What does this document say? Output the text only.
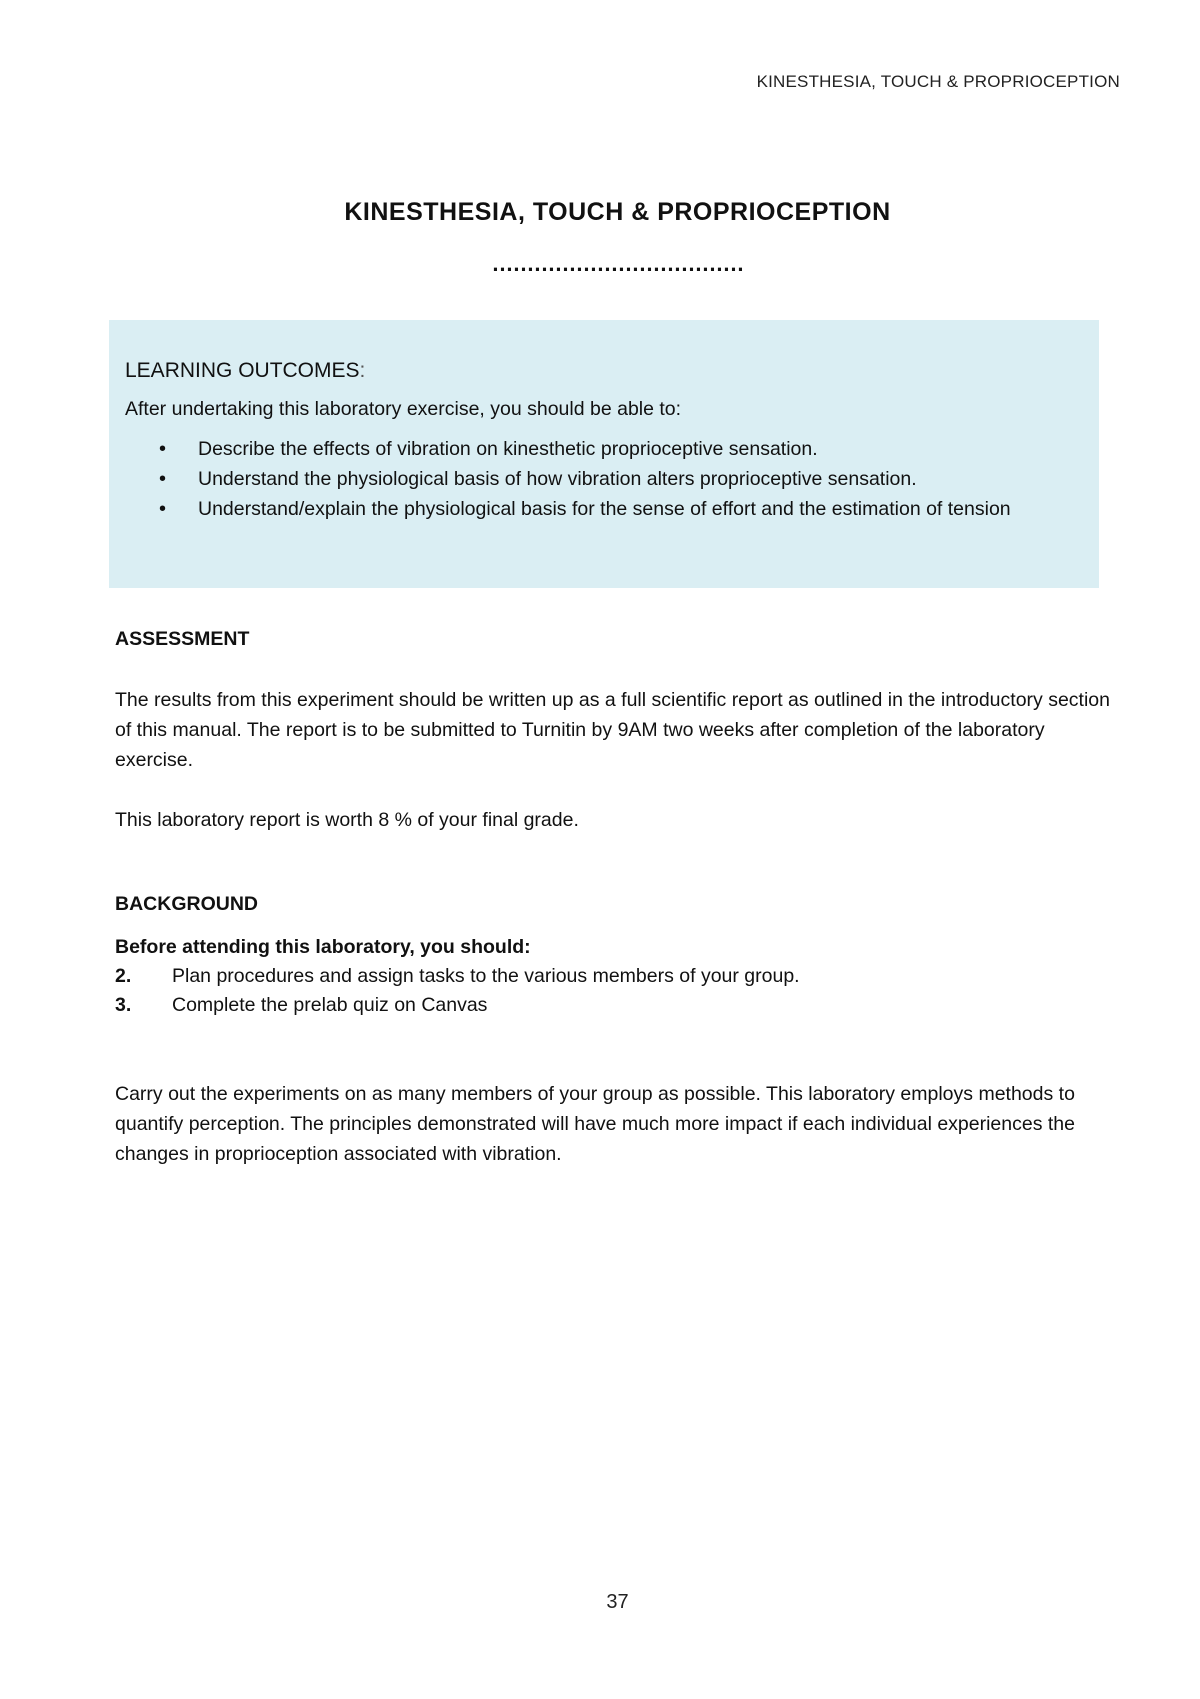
KINESTHESIA, TOUCH & PROPRIOCEPTION
KINESTHESIA, TOUCH & PROPRIOCEPTION
………………………………
LEARNING OUTCOMES:
After undertaking this laboratory exercise, you should be able to:
• Describe the effects of vibration on kinesthetic proprioceptive sensation.
• Understand the physiological basis of how vibration alters proprioceptive sensation.
• Understand/explain the physiological basis for the sense of effort and the estimation of tension
ASSESSMENT
The results from this experiment should be written up as a full scientific report as outlined in the introductory section of this manual. The report is to be submitted to Turnitin by 9AM two weeks after completion of the laboratory exercise.
This laboratory report is worth 8 % of your final grade.
BACKGROUND
Before attending this laboratory, you should:
2. Plan procedures and assign tasks to the various members of your group.
3. Complete the prelab quiz on Canvas
Carry out the experiments on as many members of your group as possible. This laboratory employs methods to quantify perception. The principles demonstrated will have much more impact if each individual experiences the changes in proprioception associated with vibration.
37
